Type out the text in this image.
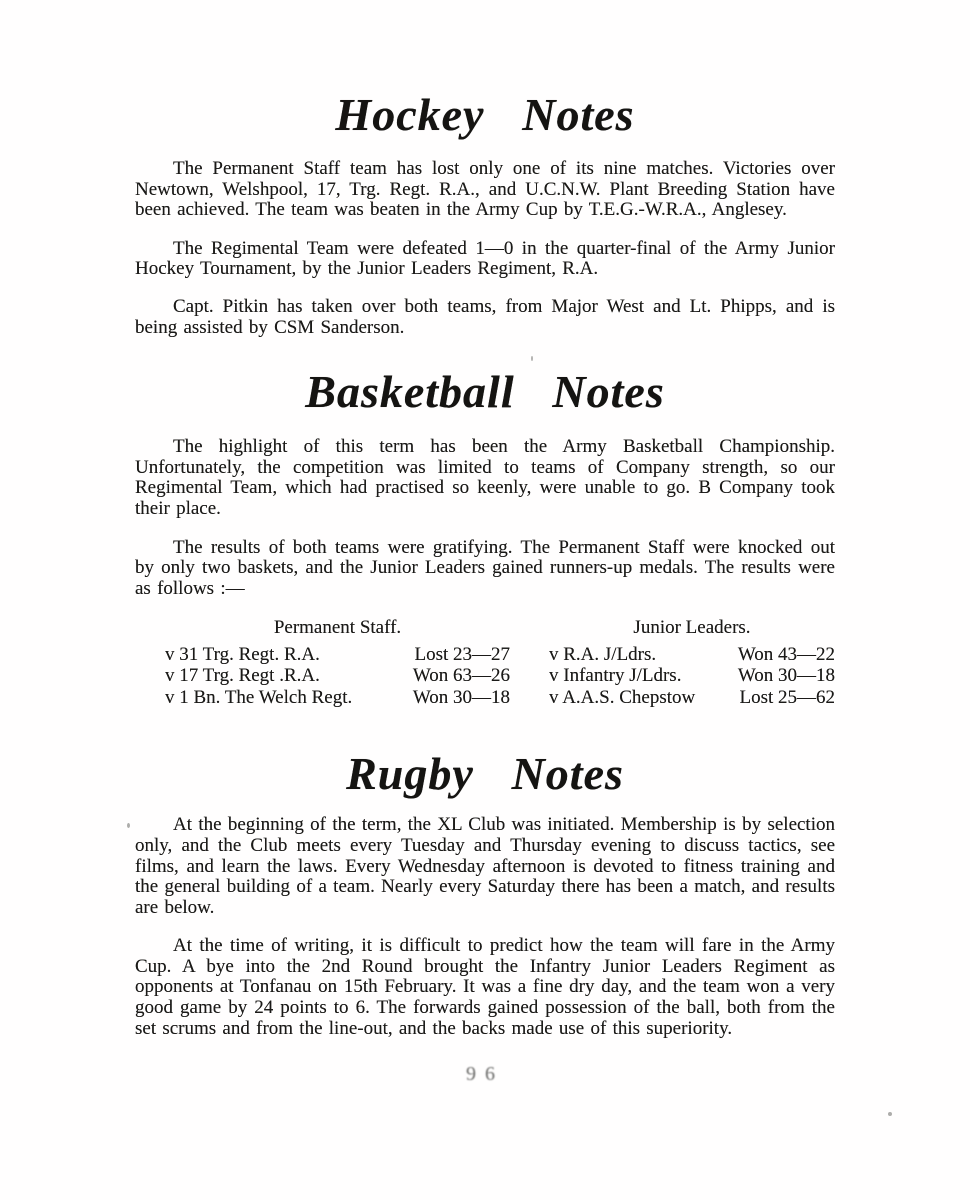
Hockey Notes

The Permanent Staff team has lost only one of its nine matches. Victories over Newtown, Welshpool, 17, Trg. Regt. R.A., and U.C.N.W. Plant Breeding Station have been achieved. The team was beaten in the Army Cup by T.E.G.-W.R.A., Anglesey.

The Regimental Team were defeated 1—0 in the quarter-final of the Army Junior Hockey Tournament, by the Junior Leaders Regiment, R.A.

Capt. Pitkin has taken over both teams, from Major West and Lt. Phipps, and is being assisted by CSM Sanderson.

Basketball Notes

The highlight of this term has been the Army Basketball Championship. Unfortunately, the competition was limited to teams of Company strength, so our Regimental Team, which had practised so keenly, were unable to go. B Company took their place.

The results of both teams were gratifying. The Permanent Staff were knocked out by only two baskets, and the Junior Leaders gained runners-up medals. The results were as follows :—

Permanent Staff.
v 31 Trg. Regt. R.A.	Lost 23—27
v 17 Trg. Regt .R.A.	Won 63—26
v 1 Bn. The Welch Regt.	Won 30—18
Junior Leaders.
v R.A. J/Ldrs.	Won 43—22
v Infantry J/Ldrs.	Won 30—18
v A.A.S. Chepstow Lost 25—62
Rugby Notes

At the beginning of the term, the XL Club was initiated. Membership is by selection only, and the Club meets every Tuesday and Thursday evening to discuss tactics, see films, and learn the laws. Every Wednesday afternoon is devoted to fitness training and the general building of a team. Nearly every Saturday there has been a match, and results are below.

At the time of writing, it is difficult to predict how the team will fare in the Army Cup. A bye into the 2nd Round brought the Infantry Junior Leaders Regiment as opponents at Tonfanau on 15th February. It was a fine dry day, and the team won a very good game by 24 points to 6. The forwards gained possession of the ball, both from the set scrums and from the line-out, and the backs made use of this superiority.

96
